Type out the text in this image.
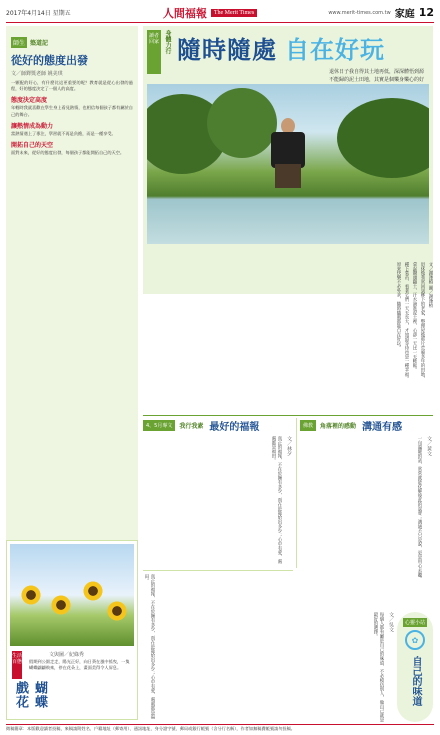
2017年4月14日 星期五	人間福報	The Merit Times	www.merit-times.com.tw 家庭 12
師生 築道記
從好的態度出發
文／師鐸獎老師 姚美琪

一顆配的好心，有什麼比這更重要的呢？教育就是從心出發的過程，好的態度決定了一個人的高度。

態度決定高度

年輕時我就喜歡在學生身上看見熱情，也相信每個孩子都有屬於自己的舞台。

讓熱情成為動力

當熱情遇上了專注，學習就不再是負擔，而是一種享受。

開拓自己的天空

面對未來，從好的態度出發，每個孩子都能開拓自己的天空。

生活百態
文與圖／紀綠秀
蝴蝶戲花

假期到公園走走，陽光正好，向日葵在風中搖曳，一隻蝴蝶翩翩飛來，停在花朵上，畫面美得令人屏息。

讀者回家 身體力行 隨時隨處 自在好玩

退休日子我自得其土地再低，深深體悟到源不能歸的泥土田地，其實是個樂身樂心的好

文／謝逢楨 圖／謝逢楨
退休後我常回到鄉下的老家，整理屋後那片荒廢多年的田地，
拿起鋤頭翻土，汗水滴進泥土裡，心卻一天比一天輕鬆。
種下菜苗，看著它們一天天長大，才知道等待也是一種幸福。
原來快樂不必外求，隨時隨處都能自在好玩。
4、5月專文	我行我素 最好的福報
文／林夕
真正的福報，不在於擁有多少，而在於能給出多少；心中有愛，處處都是福田。
佛教	角落裡的感動 溝通有感
文／黃文
一句溫暖的話，常常就能化解彼此的誤會；溝通不只是說，更是用心去聽。
真正的福報，不在於擁有多少，而在於能給出多少；心中有愛，處處都是福田。
文／吳文
每個人都有屬於自己的味道，不必模仿別人，做自己就是最好的選擇。	心靈小站
✿
自己的味道
徵稿簡章：本版歡迎讀者投稿，來稿請附姓名、戶籍地址（郵寄用）、通訊地址、身分證字號、郵局或銀行帳號（含分行名稱），作者如無稿費帳號請勿投稿。
